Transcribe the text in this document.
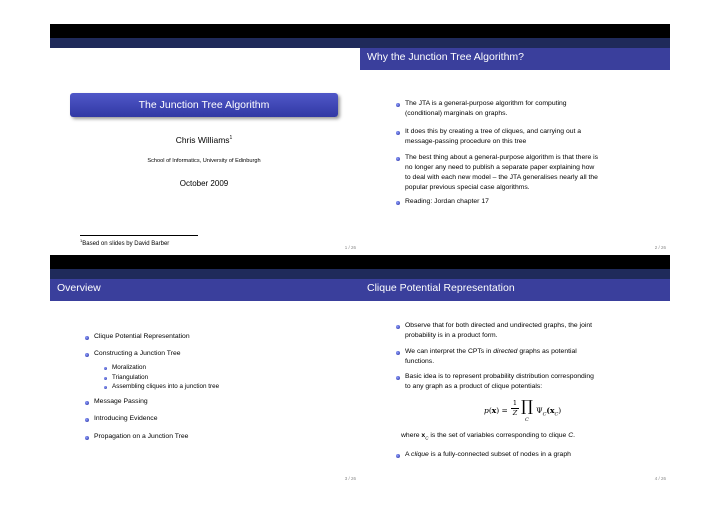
The Junction Tree Algorithm
Chris Williams$^1$
School of Informatics, University of Edinburgh
October 2009
$^1$Based on slides by David Barber
1 / 26
Why the Junction Tree Algorithm?
The JTA is a general-purpose algorithm for computing
(conditional) marginals on graphs.
It does this by creating a tree of cliques, and carrying out a
message-passing procedure on this tree
The best thing about a general-purpose algorithm is that there is
no longer any need to publish a separate paper explaining how
to deal with each new model – the JTA generalises nearly all the
popular previous special case algorithms.
Reading: Jordan chapter 17
2 / 26
Overview
Clique Potential Representation
Constructing a Junction Tree
Moralization
Triangulation
Assembling cliques into a junction tree
Message Passing
Introducing Evidence
Propagation on a Junction Tree
3 / 26
Clique Potential Representation
Observe that for both directed and undirected graphs, the joint
probability is in a product form.
We can interpret the CPTs in directed graphs as potential
functions.
Basic idea is to represent probability distribution corresponding
to any graph as a product of clique potentials:
p(x) =
1
Z ∏
C
$\Psi_C(x_C)$
where $x_C$ is the set of variables corresponding to clique C.
A clique is a fully-connected subset of nodes in a graph
4 / 26
